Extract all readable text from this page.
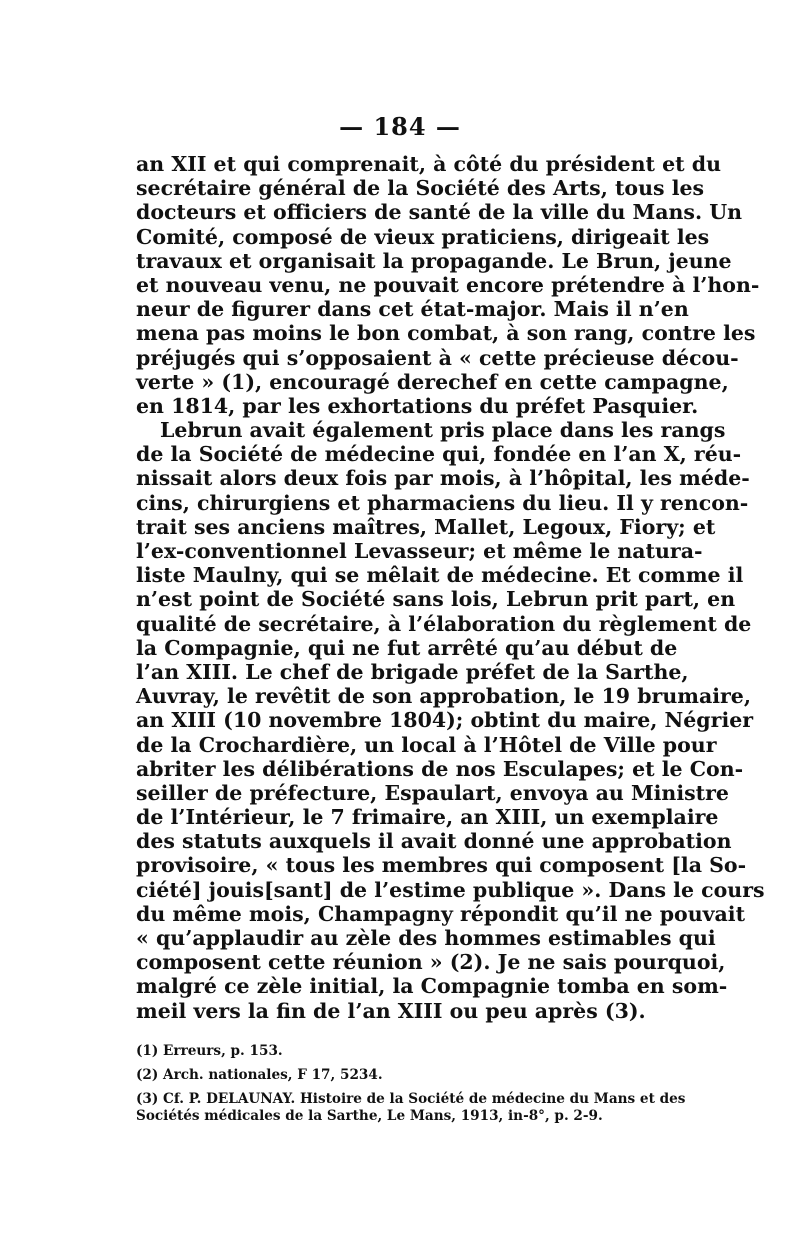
— 184 —
an XII et qui comprenait, à côté du président et du
secrétaire général de la Société des Arts, tous les
docteurs et officiers de santé de la ville du Mans. Un
Comité, composé de vieux praticiens, dirigeait les
travaux et organisait la propagande. Le Brun, jeune
et nouveau venu, ne pouvait encore prétendre à l’hon-
neur de figurer dans cet état-major. Mais il n’en
mena pas moins le bon combat, à son rang, contre les
préjugés qui s’opposaient à « cette précieuse décou-
verte » (1), encouragé derechef en cette campagne,
en 1814, par les exhortations du préfet Pasquier.
Lebrun avait également pris place dans les rangs
de la Société de médecine qui, fondée en l’an X, réu-
nissait alors deux fois par mois, à l’hôpital, les méde-
cins, chirurgiens et pharmaciens du lieu. Il y rencon-
trait ses anciens maîtres, Mallet, Legoux, Fiory; et
l’ex-conventionnel Levasseur; et même le natura-
liste Maulny, qui se mêlait de médecine. Et comme il
n’est point de Société sans lois, Lebrun prit part, en
qualité de secrétaire, à l’élaboration du règlement de
la Compagnie, qui ne fut arrêté qu’au début de
l’an XIII. Le chef de brigade préfet de la Sarthe,
Auvray, le revêtit de son approbation, le 19 brumaire,
an XIII (10 novembre 1804); obtint du maire, Négrier
de la Crochardière, un local à l’Hôtel de Ville pour
abriter les délibérations de nos Esculapes; et le Con-
seiller de préfecture, Espaulart, envoya au Ministre
de l’Intérieur, le 7 frimaire, an XIII, un exemplaire
des statuts auxquels il avait donné une approbation
provisoire, « tous les membres qui composent [la So-
ciété] jouis[sant] de l’estime publique ». Dans le cours
du même mois, Champagny répondit qu’il ne pouvait
« qu’applaudir au zèle des hommes estimables qui
composent cette réunion » (2). Je ne sais pourquoi,
malgré ce zèle initial, la Compagnie tomba en som-
meil vers la fin de l’an XIII ou peu après (3).
(1) Erreurs, p. 153.
(2) Arch. nationales, F 17, 5234.
(3) Cf. P. DELAUNAY. Histoire de la Société de médecine du Mans et des
Sociétés médicales de la Sarthe, Le Mans, 1913, in-8°, p. 2-9.
